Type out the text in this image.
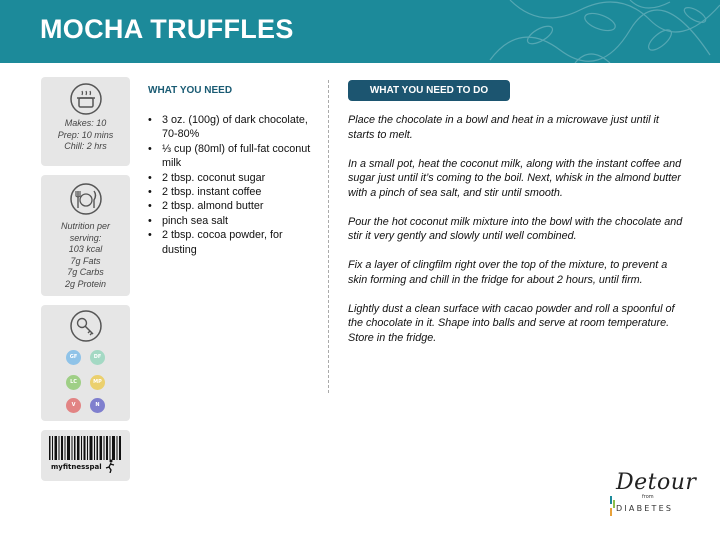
MOCHA TRUFFLES
Makes: 10
Prep: 10 mins
Chill: 2 hrs
Nutrition per
serving:
103 kcal
7g Fats
7g Carbs
2g Protein
GF	DF
LC	MP
V	N
myfitnesspal
WHAT YOU NEED
• 3 oz. (100g) of dark chocolate, 70-80%
• ⅓ cup (80ml) of full-fat coconut milk
• 2 tbsp. coconut sugar
• 2 tbsp. instant coffee
• 2 tbsp. almond butter
• pinch sea salt
• 2 tbsp. cocoa powder, for dusting
WHAT YOU NEED TO DO

Place the chocolate in a bowl and heat in a microwave just until it starts to melt.

In a small pot, heat the coconut milk, along with the instant coffee and sugar just until it’s coming to the boil. Next, whisk in the almond butter with a pinch of sea salt, and stir until smooth.

Pour the hot coconut milk mixture into the bowl with the chocolate and stir it very gently and slowly until well combined.

Fix a layer of clingfilm right over the top of the mixture, to prevent a skin forming and chill in the fridge for about 2 hours, until firm.

Lightly dust a clean surface with cacao powder and roll a spoonful of the chocolate in it. Shape into balls and serve at room temperature. Store in the fridge.

Detour
from
DIABETES
